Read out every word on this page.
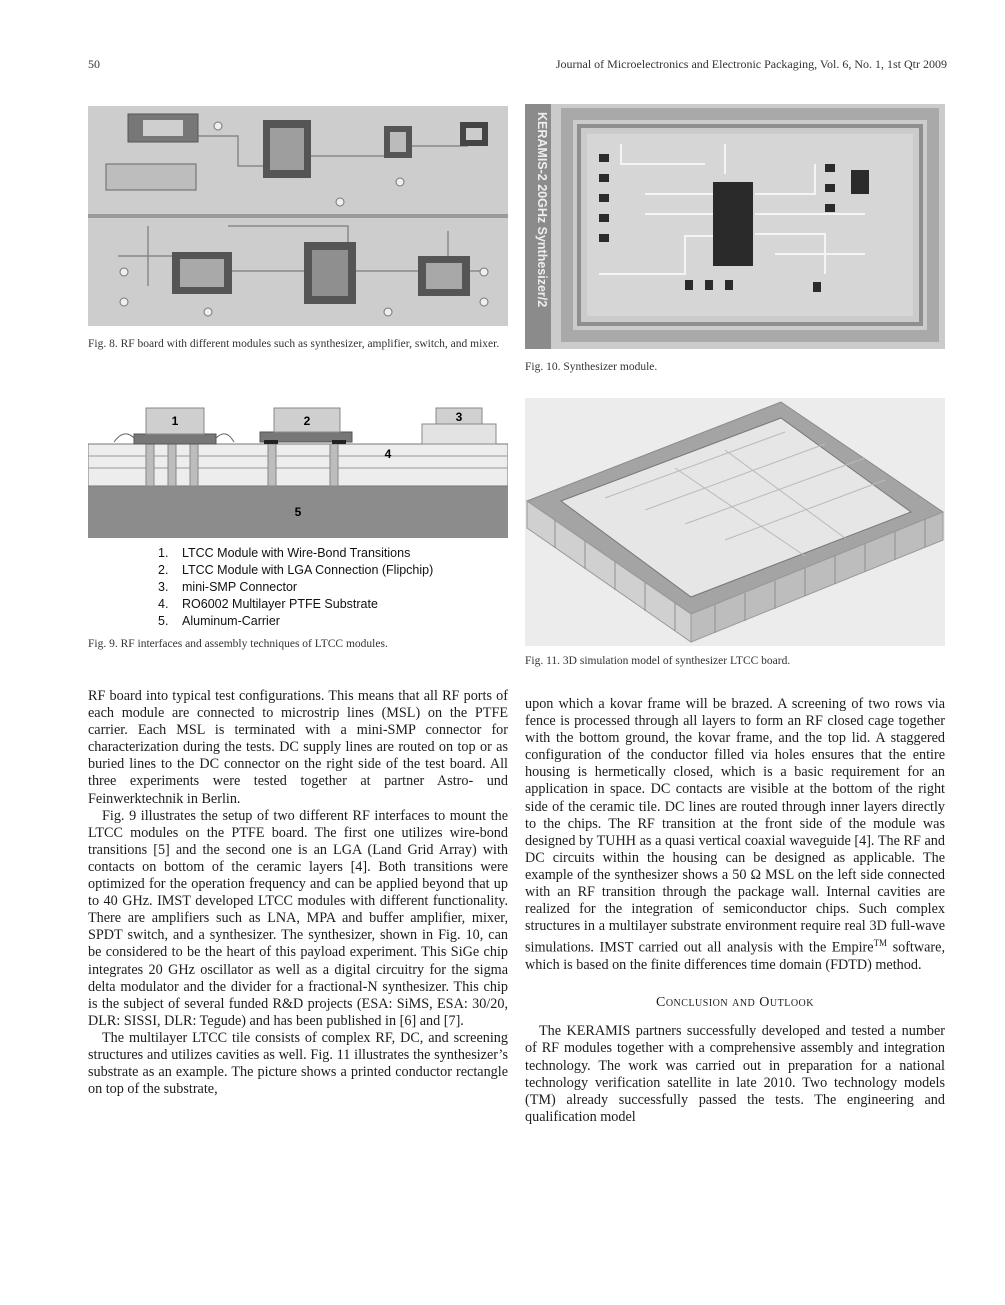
50	Journal of Microelectronics and Electronic Packaging, Vol. 6, No. 1, 1st Qtr 2009
Fig. 8. RF board with different modules such as synthesizer, amplifier, switch, and mixer.
1	2	3
4
5
1. LTCC Module with Wire-Bond Transitions
2. LTCC Module with LGA Connection (Flipchip)
3. mini-SMP Connector
4. RO6002 Multilayer PTFE Substrate
5. Aluminum-Carrier
Fig. 9. RF interfaces and assembly techniques of LTCC modules.
KERAMIS-2 20GHz Synthesizer/2
Fig. 10. Synthesizer module.
Fig. 11. 3D simulation model of synthesizer LTCC board.

RF board into typical test configurations. This means that all RF ports of each module are connected to microstrip lines (MSL) on the PTFE carrier. Each MSL is terminated with a mini-SMP connector for characterization during the tests. DC supply lines are routed on top or as buried lines to the DC connector on the right side of the test board. All three experiments were tested together at partner Astro- und Feinwerktechnik in Berlin.

Fig. 9 illustrates the setup of two different RF interfaces to mount the LTCC modules on the PTFE board. The first one utilizes wire-bond transitions [5] and the second one is an LGA (Land Grid Array) with contacts on bottom of the ceramic layers [4]. Both transitions were optimized for the operation frequency and can be applied beyond that up to 40 GHz. IMST developed LTCC modules with different functionality. There are amplifiers such as LNA, MPA and buffer amplifier, mixer, SPDT switch, and a synthesizer. The synthesizer, shown in Fig. 10, can be considered to be the heart of this payload experiment. This SiGe chip integrates 20 GHz oscillator as well as a digital circuitry for the sigma delta modulator and the divider for a fractional-N synthesizer. This chip is the subject of several funded R&D projects (ESA: SiMS, ESA: 30/20, DLR: SISSI, DLR: Tegude) and has been published in [6] and [7].

The multilayer LTCC tile consists of complex RF, DC, and screening structures and utilizes cavities as well. Fig. 11 illustrates the synthesizer’s substrate as an example. The picture shows a printed conductor rectangle on top of the substrate,

upon which a kovar frame will be brazed. A screening of two rows via fence is processed through all layers to form an RF closed cage together with the bottom ground, the kovar frame, and the top lid. A staggered configuration of the conductor filled via holes ensures that the entire housing is hermetically closed, which is a basic requirement for an application in space. DC contacts are visible at the bottom of the right side of the ceramic tile. DC lines are routed through inner layers directly to the chips. The RF transition at the front side of the module was designed by TUHH as a quasi vertical coaxial waveguide [4]. The RF and DC circuits within the housing can be designed as applicable. The example of the synthesizer shows a 50 Ω MSL on the left side connected with an RF transition through the package wall. Internal cavities are realized for the integration of semiconductor chips. Such complex structures in a multilayer substrate environment require real 3D full-wave simulations. IMST carried out all analysis with the Empire™ software, which is based on the finite differences time domain (FDTD) method.

Conclusion and Outlook

The KERAMIS partners successfully developed and tested a number of RF modules together with a comprehensive assembly and integration technology. The work was carried out in preparation for a national technology verification satellite in late 2010. Two technology models (TM) already successfully passed the tests. The engineering and qualification model
